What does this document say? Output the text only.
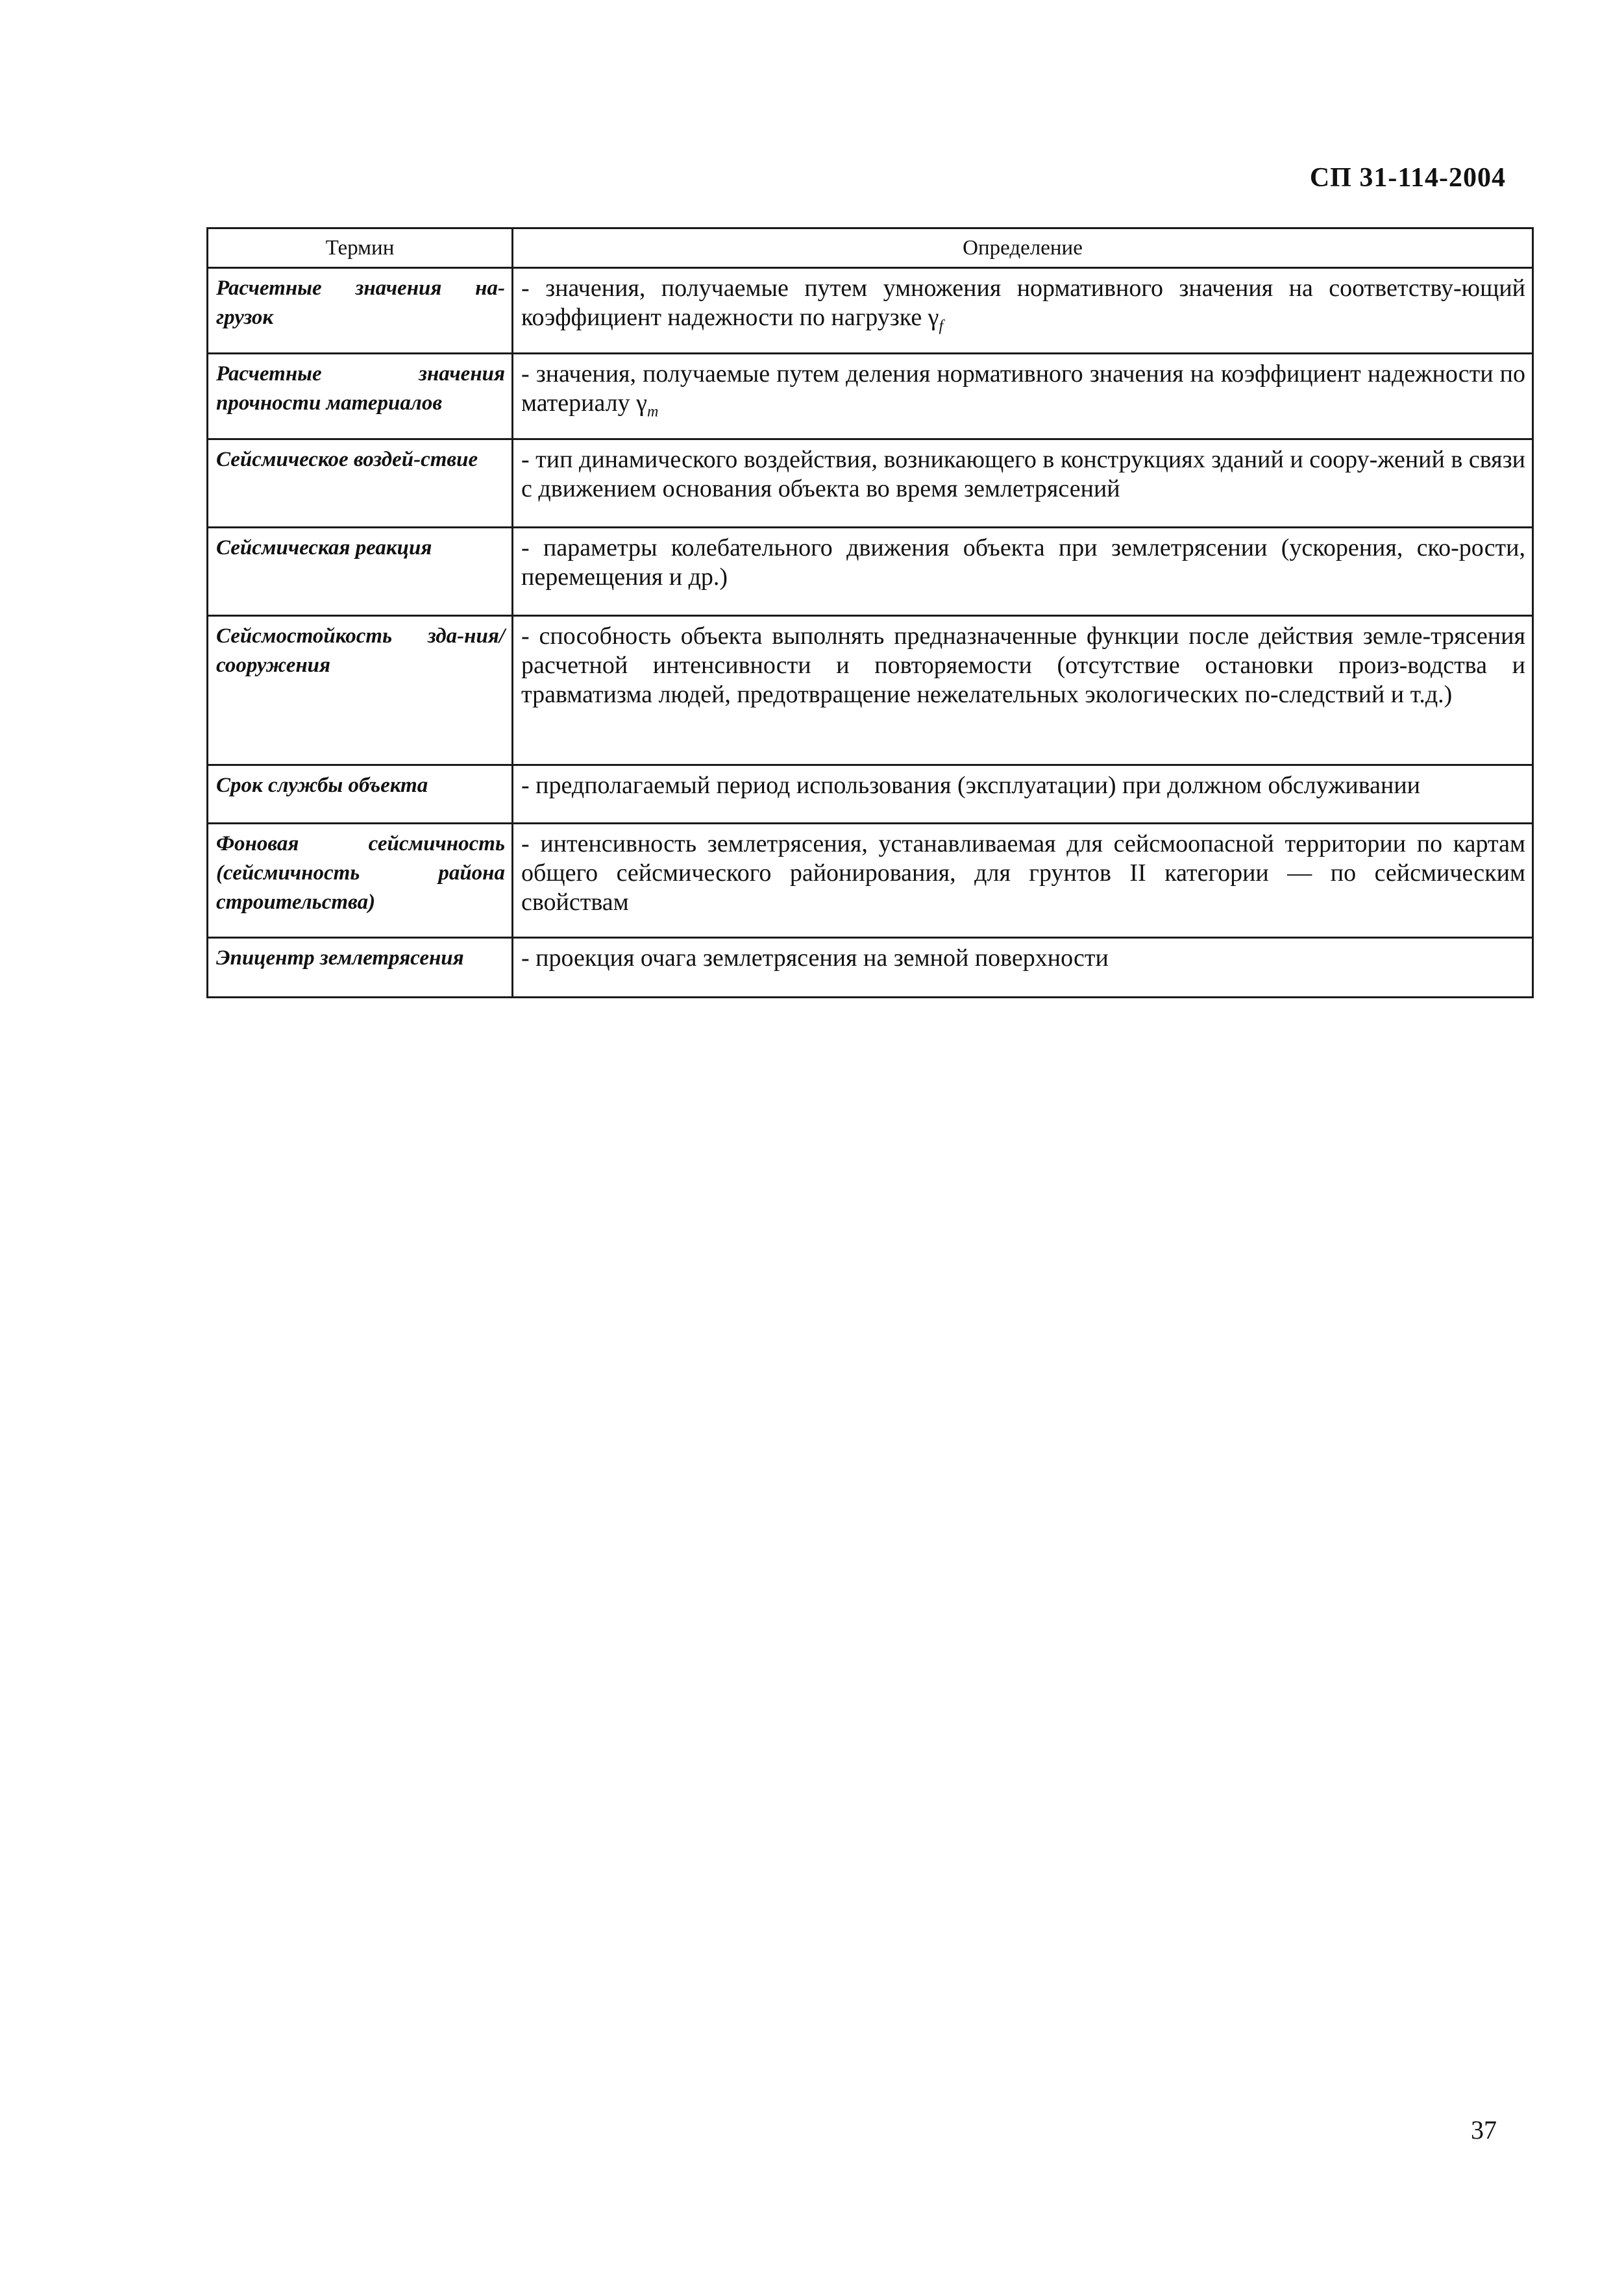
СП 31-114-2004
Термин	Определение
Расчетные значения на-грузок	- значения, получаемые путем умножения нормативного значения на соответству-ющий коэффициент надежности по нагрузке $\gamma_f$
Расчетные значения прочности материалов	- значения, получаемые путем деления нормативного значения на коэффициент надежности по материалу $\gamma_m$
Сейсмическое воздей-ствие	- тип динамического воздействия, возникающего в конструкциях зданий и соору-жений в связи с движением основания объекта во время землетрясений
Сейсмическая реакция	- параметры колебательного движения объекта при землетрясении (ускорения, ско-рости, перемещения и др.)
Сейсмостойкость зда-ния/сооружения	- способность объекта выполнять предназначенные функции после действия земле-трясения расчетной интенсивности и повторяемости (отсутствие остановки произ-водства и травматизма людей, предотвращение нежелательных экологических по-следствий и т.д.)
Срок службы объекта	- предполагаемый период использования (эксплуатации) при должном обслуживании
Фоновая сейсмичность (сейсмичность района строительства)	- интенсивность землетрясения, устанавливаемая для сейсмоопасной территории по картам общего сейсмического районирования, для грунтов II категории — по сейсмическим свойствам
Эпицентр землетрясения	- проекция очага землетрясения на земной поверхности
37
